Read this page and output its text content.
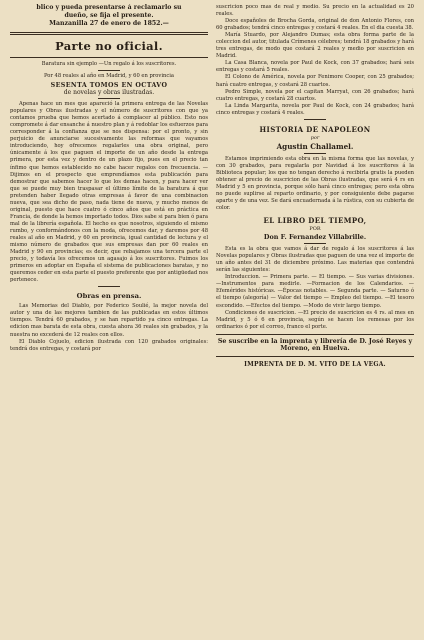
blico y pueda presentarse á reclamarlo su

dueño, se fija el presente.

Manzanilla 27 de enero de 1852.—

Parte no oficial.

Baratura sin ejemplo —Un regalo á los suscritores.

Por 48 reales al año en Madrid, y 60 en provincia

SESENTA TOMOS EN OCTAVO

de novelas y obras ilustradas.

Apenas hace un mes que apareció la primera entrega de las Novelas populares y Obras ilustradas y el número de suscritores con que ya contamos prueba que hemos acertado á complacer al público. Esto nos compromete á dar ensanche á nuestro plan y á redoblar los esfuerzos para corresponder á la confianza que se nos dispensa: por el pronto, y sin perjuicio de anunciarse sucesivamente las reformas que vayamos introduciendo, hoy ofrecemos regalarles una obra original, pero únicamente á los que paguen el importe de un año desde la entrega primera, por esta vez y dentro de un plazo fijo, pues en el precio tan ínfimo que hemos establecido no cabe hacer regalos con frecuencia. —Dijimos en el prospecto que emprendíamos esta publicación para demostrar que sabemos hacer lo que los demas hacen, y para hacer ver que se puede muy bien traspasar el último límite de la baratura á que pretenden haber llegado otras empresas á favor de una combinacion nueva, que sea dicho de paso, nada tiene de nueva, y mucho menos de original, puesto que hace cuatro ó cinco años que está en práctica en Francia, de donde la hemos importado todos. Dios sabe si para bien ó para mal de la librería española. El hecho es que nosotros, siguiendo el mismo rumbo, y conformándonos con la moda, ofrecemos dar, y daremos por 48 reales al año en Madrid, y 60 en provincia, igual cantidad de lectura y el mismo número de grabados que sus empresas dan por 60 reales en Madrid y 90 en provincias; es decir, que rebajamos una tercera parte el precio, y todavía les ofrecemos un agasajo á los suscritores. Fuimos los primeros en adoptar en España el sistema de publicaciones baratas, y no queremos ceder en esta parte el puesto preferente que por antigüedad nos pertenece.

Obras en prensa.

Las Memorias del Diablo, por Federico Soulié, la mejor novela del autor y una de las mejores tambien de las publicadas en estos últimos tiempos. Tendrá 60 grabados, y se han repartido ya cinco entregas. La edicion mas barata de esta obra, cuesta ahora 36 reales sin grabados, y la nuestra no excederá de 12 reales con ellos.

El Diablo Cojuelo, edicion ilustrada con 120 grabados originales: tendrá dos entregas, y costará por

suscricion poco mas de real y medio. Su precio en la actualidad es 20 reales.

Doce españoles de Brocha Gorda, original de don Antonio Flores, con 60 grabados; tendrá cinco entregas y costará 4 reales. En el dia cuesta 38.

María Stuardo, por Alejandro Dumas; esta obra forma parte de la coleccion del autor, titulada Crímenes célebres; tendrá 18 grabados y hará tres entregas, de modo que costará 2 reales y medio por suscricion en Madrid.

La Casa Blanca, novela por Paul de Kock, con 37 grabados; hará seis entregas y costará 5 reales.

El Colono de América, novela por Fenimore Cooper, con 25 grabados; hará cuatro entregas, y costará 28 cuartos.

Pedro Simple, novela por el capitan Marryat, con 26 grabados; hará cuatro entregas, y costará 28 cuartos.

La Linda Margarita, novela por Paul de Kock, con 24 grabados; hará cinco entregas y costará 4 reales.

HISTORIA DE NAPOLEON

por

Agustin Challamel.

Estamos imprimiendo esta obra en la misma forma que las novelas, y con 30 grabados, para regalarla por Navidad á los suscritores á la Biblioteca popular; los que no tengan derecho á recibirla gratis la pueden obtener al precio de suscricion de las Obras ilustradas, que será 4 rs en Madrid y 5 en provincia, porque sólo hará cinco entregas; pero esta obra no puede suplirse al reparto ordinario, y por consiguiente debe pagarse aparte y de una vez. Se dará encuadernada á la rústica, con su cubierta de color.

EL LIBRO DEL TIEMPO,

POR

Don F. Fernandez Villabrille.

Esta es la obra que vamos á dar de regalo á los suscritores á las Novelas populares y Obras ilustradas que paguen de una vez el importe de un año antes del 31 de diciembre próximo. Las materias que contendrá serán las siguientes:

Introduccion. — Primera parte. — El tiempo. — Sus varias divisiones. —Instrumentos para medirle. —Formacion de los Calendarios. —Efemérides históricas. —Épocas notables. — Segunda parte. — Saturno ó el tiempo (alegoría) — Valor del tiempo — Empleo del tiempo. —El tesoro escondido. —Efectos del tiempo. —Modo de vivir largo tiempo.

Condiciones de suscricion. —El precio de suscricion es 4 rs. al mes en Madrid, y 5 ó 6 en provincia, según se hacen los remesas por los ordinarios ó por el correo, franco el porte.

Se suscribe en la imprenta y librería de D. José Reyes y Moreno, en Huelva.

IMPRENTA DE D. M. VITO DE LA VEGA.
